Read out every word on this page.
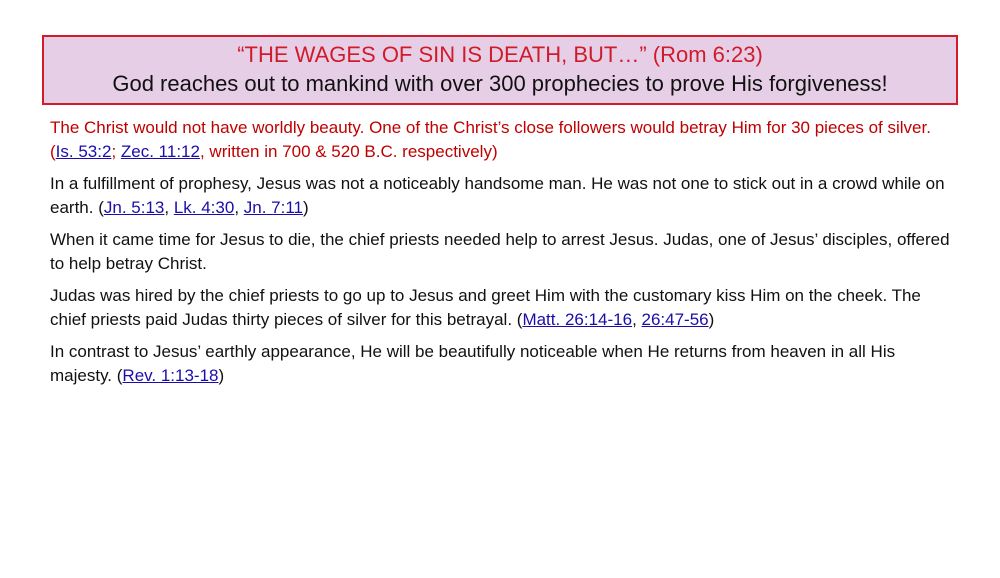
“THE WAGES OF SIN IS DEATH, BUT…” (Rom 6:23)
God reaches out to mankind with over 300 prophecies to prove His forgiveness!

The Christ would not have worldly beauty. One of the Christ’s close followers would betray Him for 30 pieces of silver. (Is. 53:2; Zec. 11:12, written in 700 & 520 B.C. respectively)

In a fulfillment of prophesy, Jesus was not a noticeably handsome man. He was not one to stick out in a crowd while on earth. (Jn. 5:13, Lk. 4:30, Jn. 7:11)

When it came time for Jesus to die, the chief priests needed help to arrest Jesus. Judas, one of Jesus’ disciples, offered to help betray Christ.

Judas was hired by the chief priests to go up to Jesus and greet Him with the customary kiss Him on the cheek. The chief priests paid Judas thirty pieces of silver for this betrayal. (Matt. 26:14-16, 26:47-56)

In contrast to Jesus’ earthly appearance, He will be beautifully noticeable when He returns from heaven in all His majesty. (Rev. 1:13-18)
